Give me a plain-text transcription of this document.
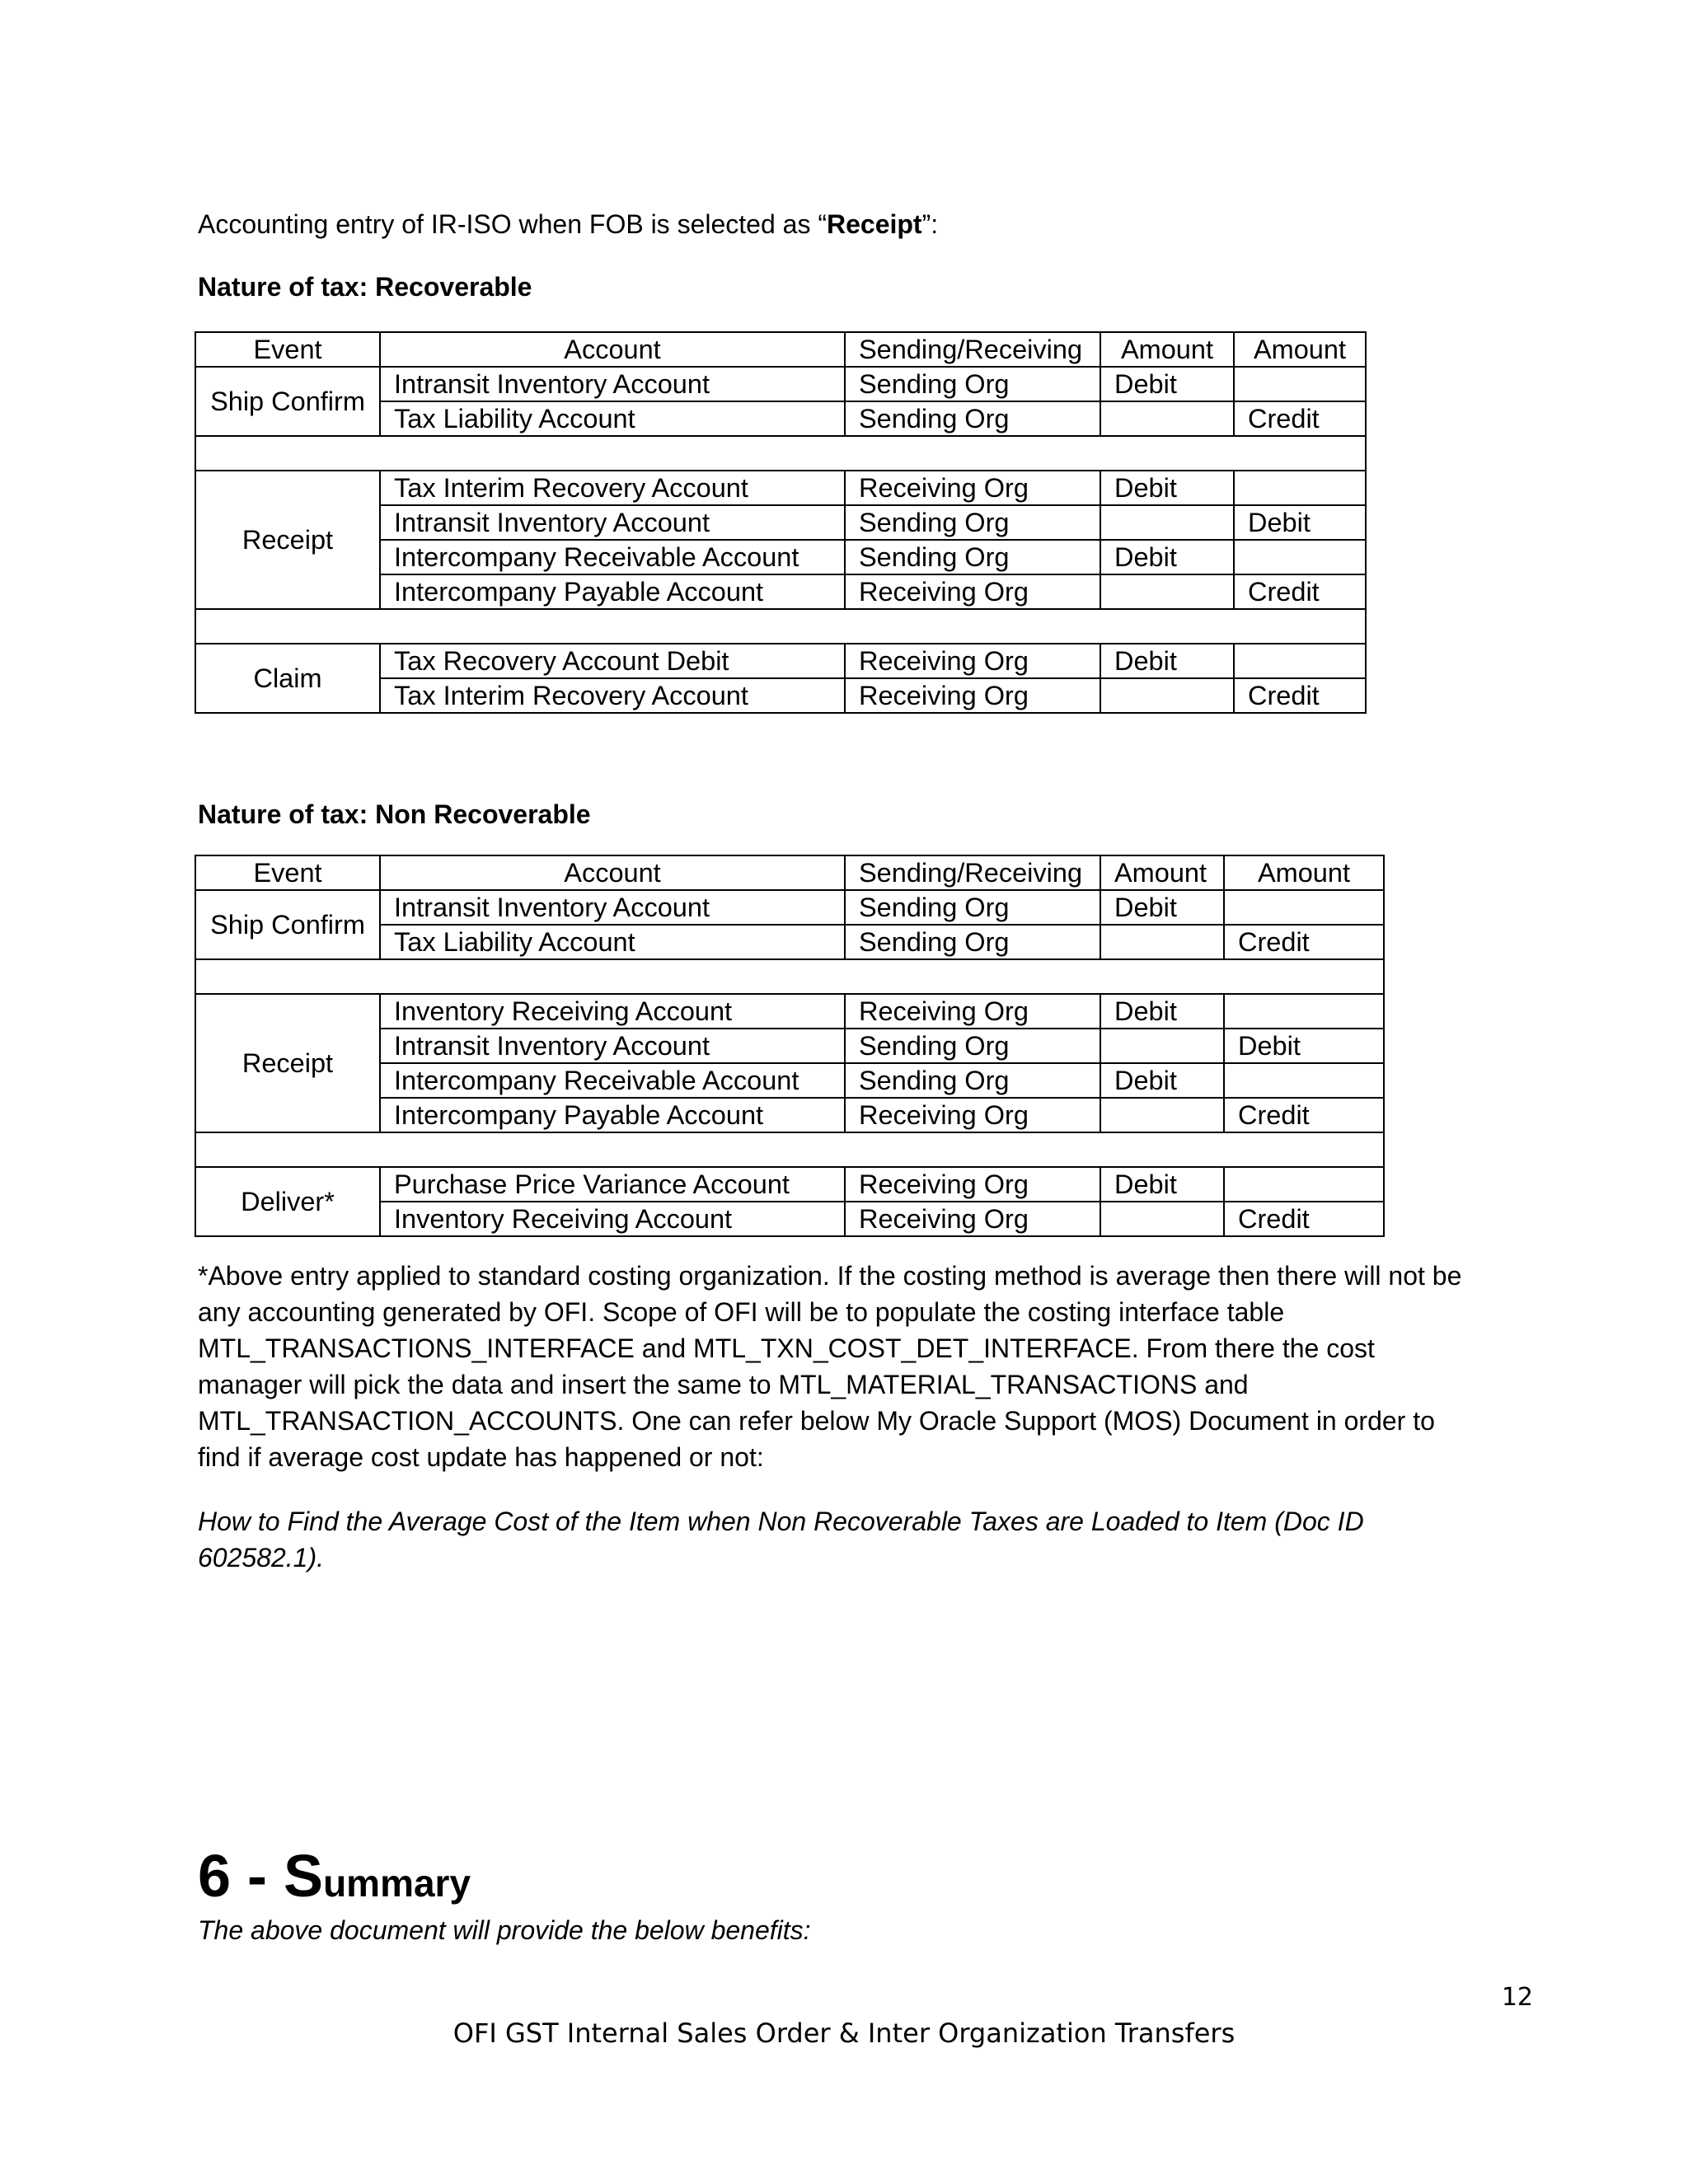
Accounting entry of IR-ISO when FOB is selected as “Receipt”:
Nature of tax: Recoverable
Event	Account	Sending/Receiving	Amount	Amount
Ship Confirm	Intransit Inventory Account	Sending Org	Debit	
	Tax Liability Account	Sending Org		Credit

Receipt	Tax Interim Recovery Account	Receiving Org	Debit	
	Intransit Inventory Account	Sending Org		Debit
	Intercompany Receivable Account	Sending Org	Debit	
	Intercompany Payable Account	Receiving Org		Credit

Claim	Tax Recovery Account Debit	Receiving Org	Debit	
	Tax Interim Recovery Account	Receiving Org		Credit
Nature of tax: Non Recoverable
Event	Account	Sending/Receiving	Amount	Amount
Ship Confirm	Intransit Inventory Account	Sending Org	Debit	
	Tax Liability Account	Sending Org		Credit

Receipt	Inventory Receiving Account	Receiving Org	Debit	
	Intransit Inventory Account	Sending Org		Debit
	Intercompany Receivable Account	Sending Org	Debit	
	Intercompany Payable Account	Receiving Org		Credit

Deliver*	Purchase Price Variance Account	Receiving Org	Debit	
	Inventory Receiving Account	Receiving Org		Credit

*Above entry applied to standard costing organization. If the costing method is average then there will not be any accounting generated by OFI. Scope of OFI will be to populate the costing interface table MTL_TRANSACTIONS_INTERFACE and MTL_TXN_COST_DET_INTERFACE. From there the cost manager will pick the data and insert the same to MTL_MATERIAL_TRANSACTIONS and MTL_TRANSACTION_ACCOUNTS. One can refer below My Oracle Support (MOS) Document in order to find if average cost update has happened or not:

How to Find the Average Cost of the Item when Non Recoverable Taxes are Loaded to Item (Doc ID 602582.1).
6 - Summary
The above document will provide the below benefits:
12
OFI GST Internal Sales Order & Inter Organization Transfers
